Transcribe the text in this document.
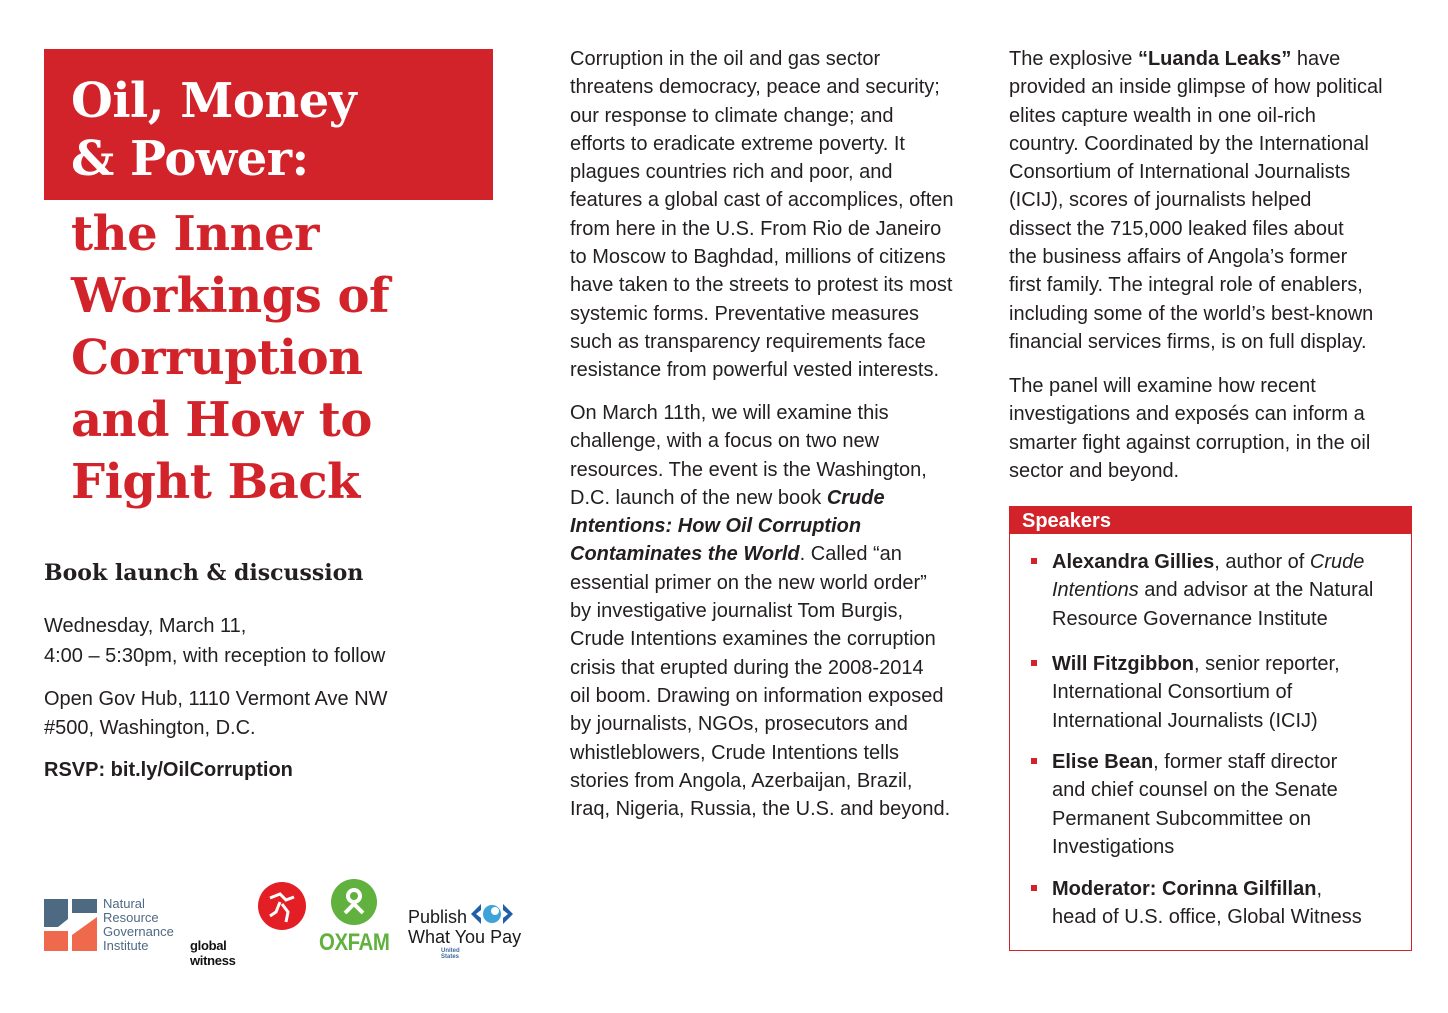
Oil, Money
& Power:
the Inner
Workings of
Corruption
and How to
Fight Back
Book launch & discussion
Wednesday, March 11,
4:00 – 5:30pm, with reception to follow
Open Gov Hub, 1110 Vermont Ave NW
#500, Washington, D.C.
RSVP: bit.ly/OilCorruption

Corruption in the oil and gas sector
threatens democracy, peace and security;
our response to climate change; and
efforts to eradicate extreme poverty. It
plagues countries rich and poor, and
features a global cast of accomplices, often
from here in the U.S. From Rio de Janeiro
to Moscow to Baghdad, millions of citizens
have taken to the streets to protest its most
systemic forms. Preventative measures
such as transparency requirements face
resistance from powerful vested interests.

On March 11th, we will examine this
challenge, with a focus on two new
resources. The event is the Washington,
D.C. launch of the new book Crude
Intentions: How Oil Corruption
Contaminates the World. Called “an
essential primer on the new world order”
by investigative journalist Tom Burgis,
Crude Intentions examines the corruption
crisis that erupted during the 2008-2014
oil boom. Drawing on information exposed
by journalists, NGOs, prosecutors and
whistleblowers, Crude Intentions tells
stories from Angola, Azerbaijan, Brazil,
Iraq, Nigeria, Russia, the U.S. and beyond.

The explosive “Luanda Leaks” have
provided an inside glimpse of how political
elites capture wealth in one oil-rich
country. Coordinated by the International
Consortium of International Journalists
(ICIJ), scores of journalists helped
dissect the 715,000 leaked files about
the business affairs of Angola’s former
first family. The integral role of enablers,
including some of the world’s best-known
financial services firms, is on full display.

The panel will examine how recent
investigations and exposés can inform a
smarter fight against corruption, in the oil
sector and beyond.

Speakers
Alexandra Gillies, author of Crude
Intentions and advisor at the Natural
Resource Governance Institute
Will Fitzgibbon, senior reporter,
International Consortium of
International Journalists (ICIJ)
Elise Bean, former staff director
and chief counsel on the Senate
Permanent Subcommittee on
Investigations
Moderator: Corinna Gilfillan,
head of U.S. office, Global Witness
Natural
Resource
Governance
Institute	global witness
OXFAM
Publish
What You Pay
United States
